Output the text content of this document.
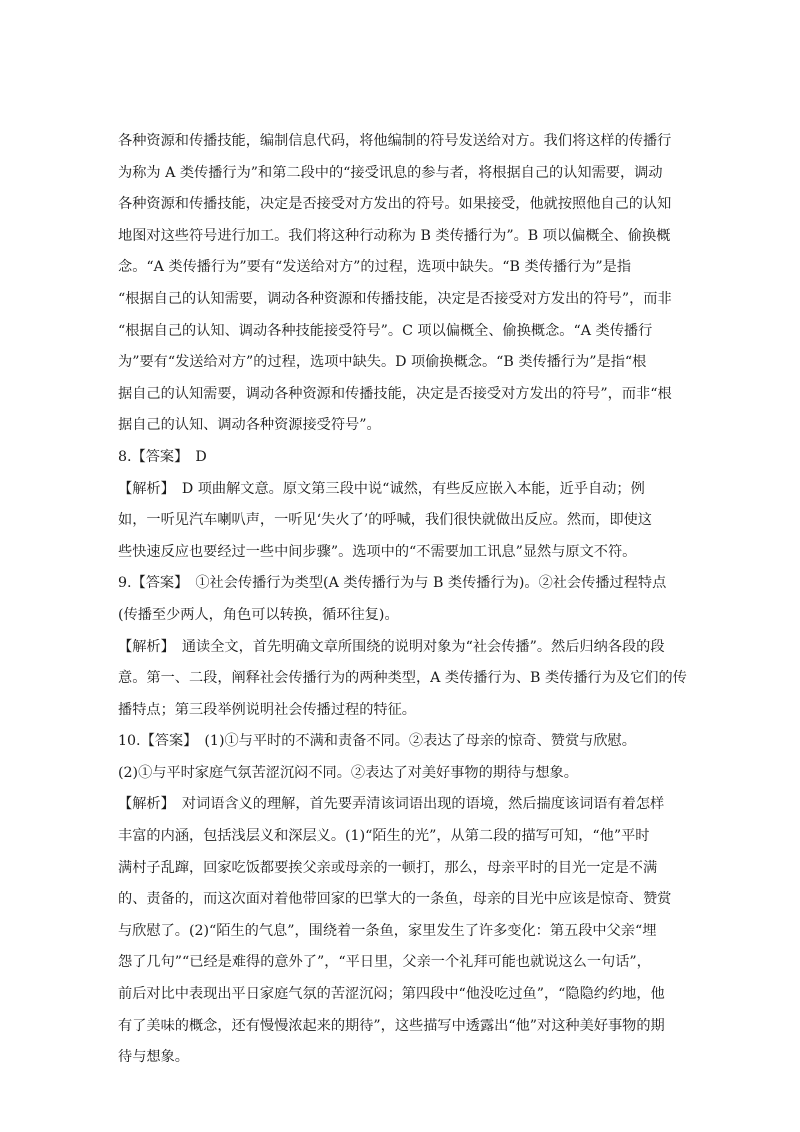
各种资源和传播技能，编制信息代码，将他编制的符号发送给对方。我们将这样的传播行
为称为 A 类传播行为”和第二段中的“接受讯息的参与者，将根据自己的认知需要，调动
各种资源和传播技能，决定是否接受对方发出的符号。如果接受，他就按照他自己的认知
地图对这些符号进行加工。我们将这种行动称为 B 类传播行为”。B 项以偏概全、偷换概
念。“A 类传播行为”要有“发送给对方”的过程，选项中缺失。“B 类传播行为”是指
“根据自己的认知需要，调动各种资源和传播技能，决定是否接受对方发出的符号”，而非
“根据自己的认知、调动各种技能接受符号”。C 项以偏概全、偷换概念。“A 类传播行
为”要有“发送给对方”的过程，选项中缺失。D 项偷换概念。“B 类传播行为”是指“根
据自己的认知需要，调动各种资源和传播技能，决定是否接受对方发出的符号”，而非“根
据自己的认知、调动各种资源接受符号”。
8.【答案】　D
【解析】　D 项曲解文意。原文第三段中说“诚然，有些反应嵌入本能，近乎自动；例
如，一听见汽车喇叭声，一听见‘失火了’的呼喊，我们很快就做出反应。然而，即使这
些快速反应也要经过一些中间步骤”。选项中的“不需要加工讯息”显然与原文不符。
9.【答案】　①社会传播行为类型(A 类传播行为与 B 类传播行为)。②社会传播过程特点
(传播至少两人，角色可以转换，循环往复)。
【解析】　通读全文，首先明确文章所围绕的说明对象为“社会传播”。然后归纳各段的段
意。第一、二段，阐释社会传播行为的两种类型，A 类传播行为、B 类传播行为及它们的传
播特点；第三段举例说明社会传播过程的特征。
10.【答案】　(1)①与平时的不满和责备不同。②表达了母亲的惊奇、赞赏与欣慰。
(2)①与平时家庭气氛苦涩沉闷不同。②表达了对美好事物的期待与想象。
【解析】　对词语含义的理解，首先要弄清该词语出现的语境，然后揣度该词语有着怎样
丰富的内涵，包括浅层义和深层义。(1)“陌生的光”，从第二段的描写可知，“他”平时
满村子乱蹿，回家吃饭都要挨父亲或母亲的一顿打，那么，母亲平时的目光一定是不满
的、责备的，而这次面对着他带回家的巴掌大的一条鱼，母亲的目光中应该是惊奇、赞赏
与欣慰了。(2)“陌生的气息”，围绕着一条鱼，家里发生了许多变化：第五段中父亲“埋
怨了几句”“已经是难得的意外了”，“平日里，父亲一个礼拜可能也就说这么一句话”，
前后对比中表现出平日家庭气氛的苦涩沉闷；第四段中“他没吃过鱼”，“隐隐约约地，他
有了美味的概念，还有慢慢浓起来的期待”，这些描写中透露出“他”对这种美好事物的期
待与想象。
